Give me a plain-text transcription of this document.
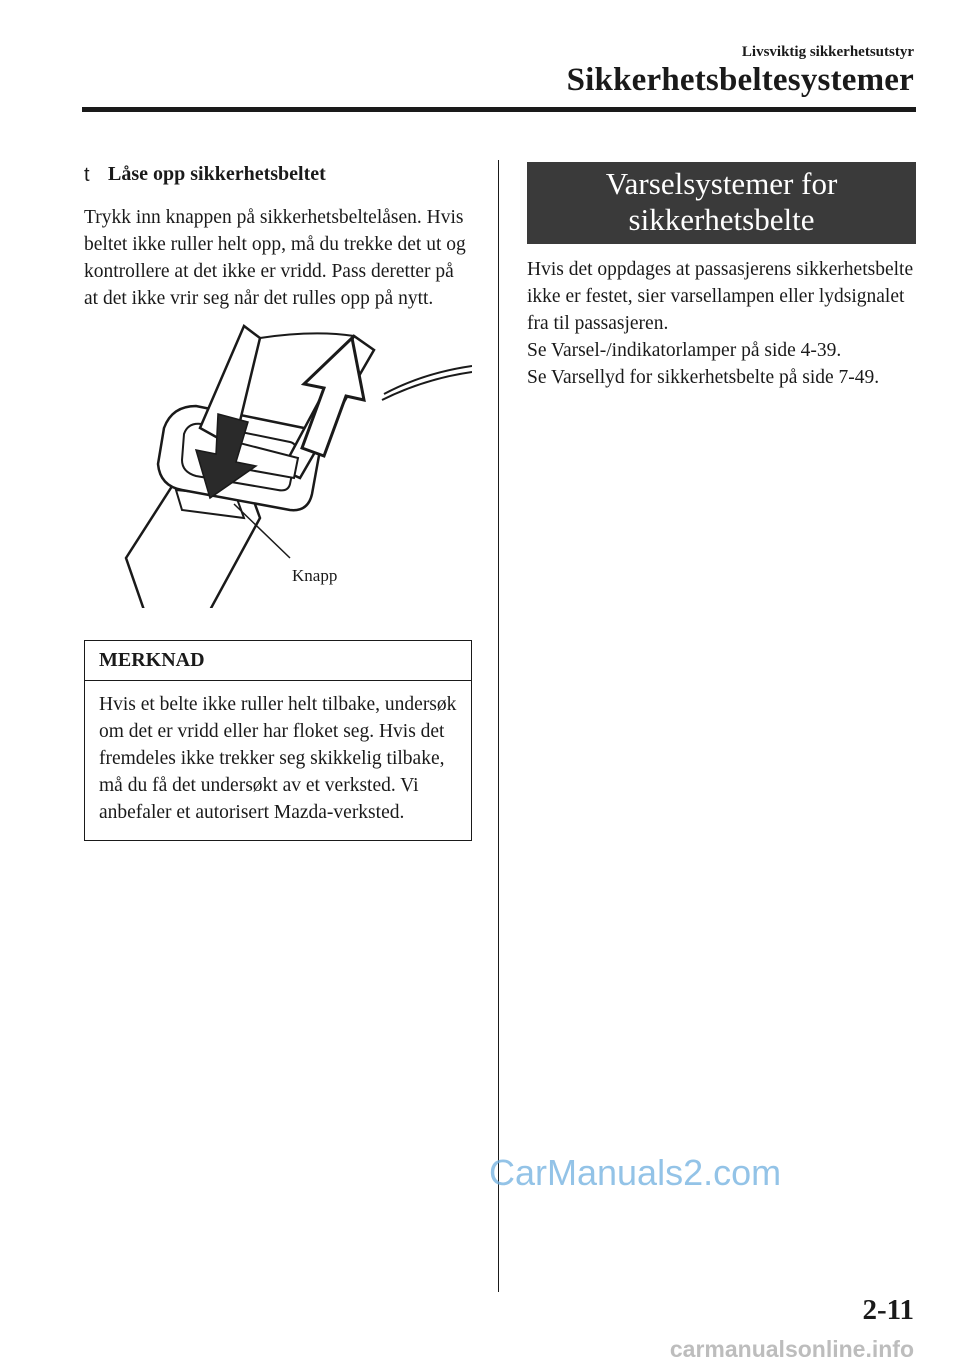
Livsviktig sikkerhetsutstyr
Sikkerhetsbeltesystemer
t Låse opp sikkerhetsbeltet

Trykk inn knappen på sikkerhetsbeltelåsen. Hvis beltet ikke ruller helt opp, må du trekke det ut og kontrollere at det ikke er vridd. Pass deretter på at det ikke vrir seg når det rulles opp på nytt.

Knapp
MERKNAD
Hvis et belte ikke ruller helt tilbake, undersøk om det er vridd eller har floket seg. Hvis det fremdeles ikke trekker seg skikkelig tilbake, må du få det undersøkt av et verksted. Vi anbefaler et autorisert Mazda-verksted.
Varselsystemer for
sikkerhetsbelte

Hvis det oppdages at passasjerens sikkerhetsbelte ikke er festet, sier varsellampen eller lydsignalet fra til passasjeren.

Se Varsel-/indikatorlamper på side 4-39.

Se Varsellyd for sikkerhetsbelte på side 7-49.

CarManuals2.com
2-11
carmanualsonline.info
